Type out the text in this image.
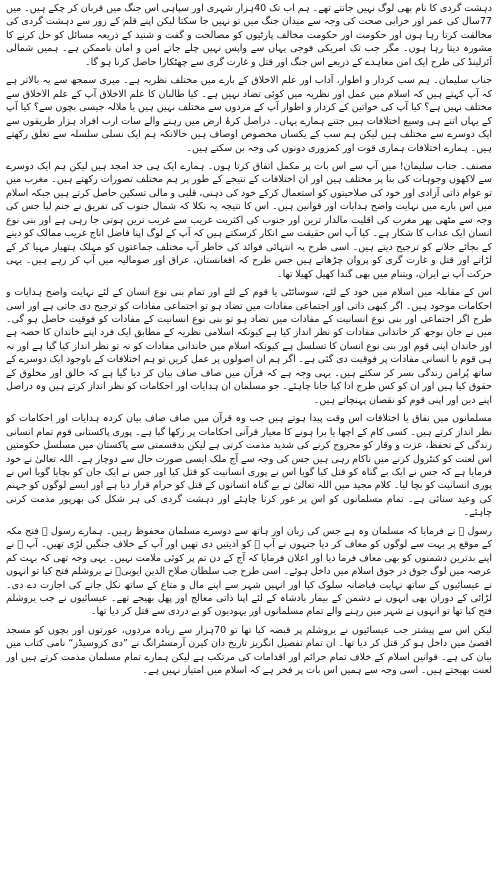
دہشت گردی کا نام بھی لوگ نہیں جانتے تھے۔ ہم اب تک 40ہزار شہری اور سپاہی اس جنگ میں قربان کر چکے ہیں۔ میں 77سال کی عمر اور خرابی صحت کی وجہ سے میدان جنگ میں تو نہیں جا سکتا لیکن اپنے قلم کے زور سے دہشت گردی کی مخالفت کرتا رہا ہوں اور حکومت اور حکومت مخالف پارٹیوں کو مصالحت و گفت و شنید کے ذریعہ مسائل کو حل کرنے کا مشورہ دیتا رہا ہوں۔ مگر جب تک امریکی فوجی یہاں سے واپس نہیں چلے جاتے امن و امان ناممکن ہے۔ ہمیں شمالی آئرلینڈ کی طرح ایک امن معاہدے کے ذریعے اس جنگ اور قتل و غارت گری سے چھٹکارا حاصل کرنا ہو گا۔

جناب سلیمان۔ ہم سب کردار و اطوار، آداب اور علم الاخلاق کے بارے میں مختلف نظریہ ہے۔ میری سمجھ سے یہ بالاتر ہے کہ آپ کہتے ہیں کہ اسلام میں عمل اور نظریہ میں کوئی تضاد نہیں ہے۔ کیا طالبان کا علم الاخلاق آپ کے علم الاخلاق سے مختلف نہیں ہے؟ کیا آپ کی خواتین کے کردار و اطوار آپ کے مردوں سے مختلف نہیں ہیں یا ملالہ جیسی بچوں سے؟ کیا آپ کے یہاں اتنے ہی وسیع اختلافات ہیں جتنے ہمارے یہاں۔ دراصل کرۂ ارض میں رہنے والے سات ارب افراد ہزار طریقوں سے ایک دوسرے سے مختلف ہیں لیکن ہم سب کے یکساں مخصوص اوصاف ہیں حالانکہ ہم ایک نسلی سلسلہ سے تعلق رکھتے ہیں۔ ہمارے اختلافات ہماری قوت اور کمزوری دونوں کی وجہ بن سکتے ہیں۔

مصنف۔ جناب سلیمان! میں آپ سے اس بات پر مکمل اتفاق کرتا ہوں۔ ہمارے ایک ہی جد امجد ہیں لیکن ہم ایک دوسرے سے لاکھوں وجوہات کی بنا پر مختلف ہیں اور ان اختلافات کے نتیجے کے طور پر ہم مختلف تصورات رکھتے ہیں۔ مغرب میں تو عوام ذاتی آزادی اور خود کی صلاحیتوں کو استعمال کرکے خود کی ذہنی، قلبی و مالی تسکین حاصل کرتے ہیں جبکہ اسلام میں اس بارے میں نہایت واضح ہدایات اور قوانین ہیں۔ اس کا نتیجہ یہ نکلا کہ شمال جنوب کی تفریق نے جنم لیا جس کی وجہ سے مٹھی بھر مغرب کی اقلیت مالدار ترین اور جنوب کی اکثریت غریب سے غریب ترین ہوتی جا رہی ہے اور بنی نوع انسان ایک عذاب کا شکار ہے۔ کیا آپ اس حقیقت سے انکار کرسکتے ہیں کہ آپ کے لوگ اپنا فاضل اناج غریب ممالک کو دینے کے بجائے جلانے کو ترجیح دیتے ہیں۔ اسی طرح یہ انتہائی فوائد کی خاطر آپ مختلف جماعتوں کو مہلک ہتھیار مہیا کر کے لڑاتے اور قتل و غارت گری کو پروان چڑھاتے ہیں جس طرح کہ افغانستان، عراق اور صومالیہ میں آپ کر رہے ہیں۔ یہی حرکت آپ نے ایران، ویتنام میں بھی گندا کھیل کھیلا تھا۔

اس کے مقابلہ میں اسلام میں خود کے لئے، سوسائٹی یا قوم کے لئے اور تمام بنی نوع انسان کے لئے نہایت واضح ہدایات و احکامات موجود ہیں۔ اگر کبھی ذاتی اور اجتماعی مفادات میں تضاد ہو تو اجتماعی مفادات کو ترجیح دی جاتی ہے اور اسی طرح اگر اجتماعی اور بنی نوع انسانیت کے مفادات میں تضاد ہو تو بنی نوع انسانیت کے مفادات کو فوقیت حاصل ہو گی۔ میں نے جان بوجھ کر خاندانی مفادات کو نظر انداز کیا ہے کیونکہ اسلامی نظریہ کے مطابق ایک فرد اپنے خاندان کا حصہ ہے اور خاندان اپنی قوم اور بنی نوع انسان کا تسلسل ہے کیونکہ اسلام میں خاندانی مفادات کو نہ تو نظر انداز کیا گیا ہے اور نہ ہی قوم یا انسانی مفادات پر فوقیت دی گئی ہے۔ اگر ہم ان اصولوں پر عمل کریں تو ہم اختلافات کے باوجود ایک دوسرے کے ساتھ پُرامن زندگی بسر کر سکتے ہیں۔ یہی وجہ ہے کہ قرآن میں صاف صاف بیان کر دیا گیا ہے کہ خالق اور مخلوق کے حقوق کیا ہیں اور ان کو کس طرح ادا کیا جانا چاہئے۔ جو مسلمان ان ہدایات اور احکامات کو نظر انداز کرتے ہیں وہ دراصل اپنے دین اور اپنی قوم کو نقصان پہنچاتے ہیں۔

مسلمانوں میں نفاق یا اختلافات اس وقت پیدا ہوتے ہیں جب وہ قرآن میں صاف صاف بیان کردہ ہدایات اور احکامات کو نظر انداز کرتے ہیں۔ کسی کام کے اچھا یا برا ہونے کا معیار قرآنی احکامات پر رکھا گیا ہے۔ پوری پاکستانی قوم تمام انسانی زندگی کے تحفظ، عزت و وقار کو مجروح کرنے کی شدید مذمت کرتی ہے لیکن بدقسمتی سے پاکستان میں مسلسل حکومتیں اس لعنت کو کنٹرول کرنے میں ناکام رہی ہیں جس کی وجہ سے آج ملک ایسی صورت حال سے دوچار ہے۔ اللہ تعالیٰ نے خود فرمایا ہے کہ جس نے ایک بے گناہ کو قتل کیا گویا اس نے پوری انسانیت کو قتل کیا اور جس نے ایک جان کو بچایا گویا اس نے پوری انسانیت کو بچا لیا۔ کلام مجید میں اللہ تعالیٰ نے بے گناہ انسانوں کے قتل کو حرام قرار دیا ہے اور ایسے لوگوں کو جہنم کی وعید سنائی ہے۔ تمام مسلمانوں کو اس پر غور کرنا چاہئے اور دہشت گردی کی ہر شکل کی بھرپور مذمت کرنی چاہئے۔

رسول ﷺ نے فرمایا کہ مسلمان وہ ہے جس کی زبان اور ہاتھ سے دوسرے مسلمان محفوظ رہیں۔ ہمارے رسول ﷺ فتح مکہ کے موقع پر بہت سے لوگوں کو معاف کر دیا جنہوں نے آپ ﷺ کو اذیتیں دی تھیں اور آپ کے خلاف جنگیں لڑی تھیں۔ آپ ﷺ نے اپنے بدترین دشمنوں کو بھی معاف فرما دیا اور اعلان فرمایا کہ آج کے دن تم پر کوئی ملامت نہیں۔ یہی وجہ تھی کہ بہت کم عرصہ میں لوگ جوق در جوق اسلام میں داخل ہوئے۔ اسی طرح جب سلطان صلاح الدین ایوبیؒ نے یروشلم فتح کیا تو انہوں نے عیسائیوں کے ساتھ نہایت فیاضانہ سلوک کیا اور انہیں شہر سے اپنے مال و متاع کے ساتھ نکل جانے کی اجازت دے دی۔ لڑائی کے دوران بھی انہوں نے دشمن کے بیمار بادشاہ کے لئے اپنا ذاتی معالج اور پھل بھیجے تھے۔ عیسائیوں نے جب یروشلم فتح کیا تھا تو انہوں نے شہر میں رہنے والے تمام مسلمانوں اور یہودیوں کو بے دردی سے قتل کر دیا تھا۔

لیکن اس سے پیشتر جب عیسائیوں نے یروشلم پر قبضہ کیا تھا تو 70ہزار سے زیادہ مردوں، عورتوں اور بچوں کو مسجد اقصیٰ میں داخل ہو کر قتل کر دیا تھا۔ ان تمام تفصیل انگریز تاریخ دان کیرن آرمسٹرانگ نے ”دی کروسیڈز“ نامی کتاب میں بیان کی ہے۔ قوانین اسلام کے خلاف تمام جرائم اور اقدامات کی مرتکب ہے لیکن ہمارے تمام مسلمان مذمت کرتے ہیں اور لعنت بھیجتے ہیں۔ اسی وجہ سے ہمیں اس بات پر فخر ہے کہ اسلام میں امتیاز نہیں ہے۔
